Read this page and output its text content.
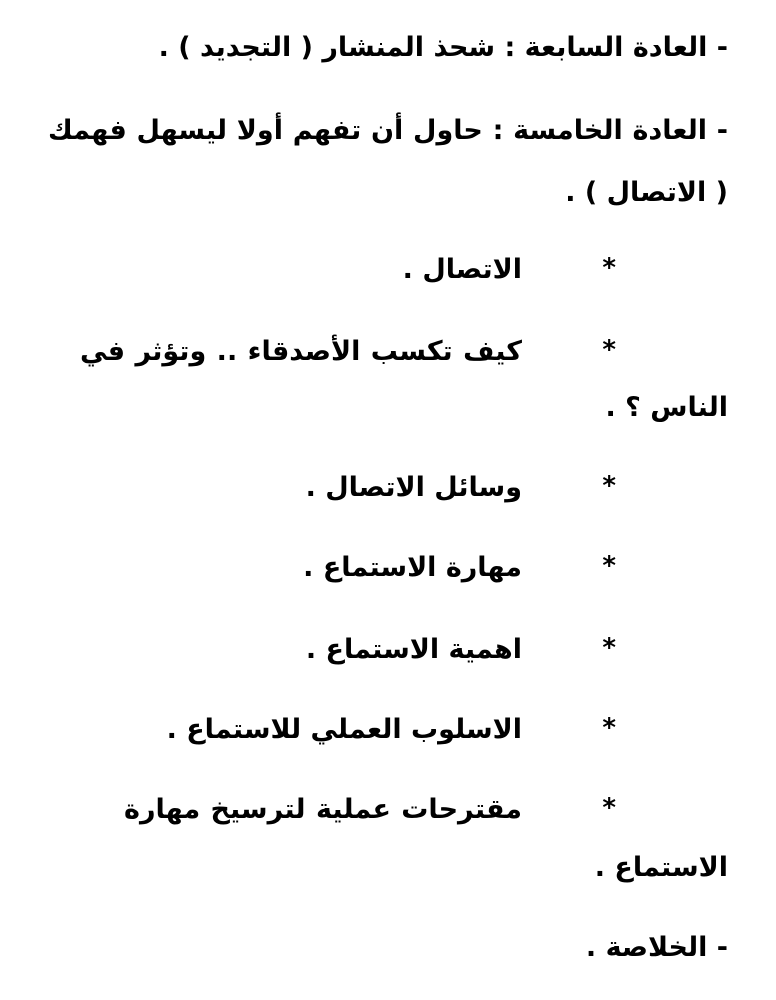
- العادة السابعة : شحذ المنشار ( التجديد ) .
- العادة الخامسة : حاول أن تفهم أولا ليسهل فهمك ( الاتصال ) .
*
الاتصال .
*
كيف تكسب الأصدقاء .. وتؤثر في
الناس ؟ .
*
وسائل الاتصال .
*
مهارة الاستماع .
*
اهمية الاستماع .
*
الاسلوب العملي للاستماع .
*
مقترحات عملية لترسيخ مهارة
الاستماع .
- الخلاصة .
